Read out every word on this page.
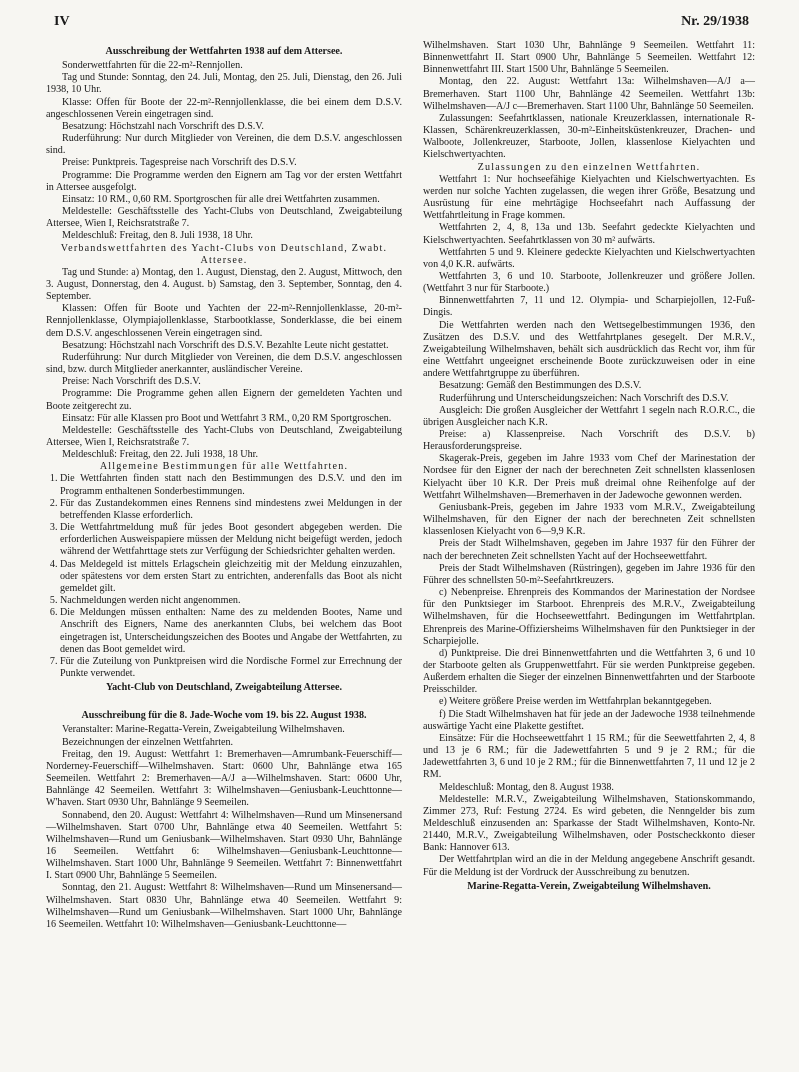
IV	Nr. 29/1938

Ausschreibung der Wettfahrten 1938 auf dem Attersee.

Sonderwettfahrten für die 22-m²-Rennjollen.

Tag und Stunde: Sonntag, den 24. Juli, Montag, den 25. Juli, Dienstag, den 26. Juli 1938, 10 Uhr.

Klasse: Offen für Boote der 22-m²-Rennjollenklasse, die bei einem dem D.S.V. angeschlossenen Verein eingetragen sind.

Besatzung: Höchstzahl nach Vorschrift des D.S.V.

Ruderführung: Nur durch Mitglieder von Vereinen, die dem D.S.V. angeschlossen sind.

Preise: Punktpreis. Tagespreise nach Vorschrift des D.S.V.

Programme: Die Programme werden den Eignern am Tag vor der ersten Wettfahrt in Attersee ausgefolgt.

Einsatz: 10 RM., 0,60 RM. Sportgroschen für alle drei Wettfahrten zusammen.

Meldestelle: Geschäftsstelle des Yacht-Clubs von Deutschland, Zweigabteilung Attersee, Wien I, Reichsratstraße 7.

Meldeschluß: Freitag, den 8. Juli 1938, 18 Uhr.

Verbandswettfahrten des Yacht-Clubs von Deutschland, Zwabt. Attersee.

Tag und Stunde: a) Montag, den 1. August, Dienstag, den 2. August, Mittwoch, den 3. August, Donnerstag, den 4. August. b) Samstag, den 3. September, Sonntag, den 4. September.

Klassen: Offen für Boote und Yachten der 22-m²-Rennjollenklasse, 20-m²-Rennjollenklasse, Olympiajollenklasse, Starbootklasse, Sonderklasse, die bei einem dem D.S.V. angeschlossenen Verein eingetragen sind.

Besatzung: Höchstzahl nach Vorschrift des D.S.V. Bezahlte Leute nicht gestattet.

Ruderführung: Nur durch Mitglieder von Vereinen, die dem D.S.V. angeschlossen sind, bzw. durch Mitglieder anerkannter, ausländischer Vereine.

Preise: Nach Vorschrift des D.S.V.

Programme: Die Programme gehen allen Eignern der gemeldeten Yachten und Boote zeitgerecht zu.

Einsatz: Für alle Klassen pro Boot und Wettfahrt 3 RM., 0,20 RM Sportgroschen.

Meldestelle: Geschäftsstelle des Yacht-Clubs von Deutschland, Zweigabteilung Attersee, Wien I, Reichsratstraße 7.

Meldeschluß: Freitag, den 22. Juli 1938, 18 Uhr.

Allgemeine Bestimmungen für alle Wettfahrten.

1. Die Wettfahrten finden statt nach den Bestimmungen des D.S.V. und den im Programm enthaltenen Sonderbestimmungen.
2. Für das Zustandekommen eines Rennens sind mindestens zwei Meldungen in der betreffenden Klasse erforderlich.
3. Die Wettfahrtmeldung muß für jedes Boot gesondert abgegeben werden. Die erforderlichen Ausweispapiere müssen der Meldung nicht beigefügt werden, jedoch während der Wettfahrttage stets zur Verfügung der Schiedsrichter gehalten werden.
4. Das Meldegeld ist mittels Erlagschein gleichzeitig mit der Meldung einzuzahlen, oder spätestens vor dem ersten Start zu entrichten, anderenfalls das Boot als nicht gemeldet gilt.
5. Nachmeldungen werden nicht angenommen.
6. Die Meldungen müssen enthalten: Name des zu meldenden Bootes, Name und Anschrift des Eigners, Name des anerkannten Clubs, bei welchem das Boot eingetragen ist, Unterscheidungszeichen des Bootes und Angabe der Wettfahrten, zu denen das Boot gemeldet wird.
7. Für die Zuteilung von Punktpreisen wird die Nordische Formel zur Errechnung der Punkte verwendet.

Yacht-Club von Deutschland, Zweigabteilung Attersee.

Ausschreibung für die 8. Jade-Woche vom 19. bis 22. August 1938.

Veranstalter: Marine-Regatta-Verein, Zweigabteilung Wilhelmshaven.

Bezeichnungen der einzelnen Wettfahrten.

Freitag, den 19. August: Wettfahrt 1: Bremerhaven—Amrumbank-Feuerschiff—Norderney-Feuerschiff—Wilhelmshaven. Start: 0600 Uhr, Bahnlänge etwa 165 Seemeilen. Wettfahrt 2: Bremerhaven—A/J a—Wilhelmshaven. Start: 0600 Uhr, Bahnlänge 42 Seemeilen. Wettfahrt 3: Wilhelmshaven—Geniusbank-Leuchttonne—W'haven. Start 0930 Uhr, Bahnlänge 9 Seemeilen.

Sonnabend, den 20. August: Wettfahrt 4: Wilhelmshaven—Rund um Minsenersand—Wilhelmshaven. Start 0700 Uhr, Bahnlänge etwa 40 Seemeilen. Wettfahrt 5: Wilhelmshaven—Rund um Geniusbank—Wilhelmshaven. Start 0930 Uhr, Bahnlänge 16 Seemeilen. Wettfahrt 6: Wilhelmshaven—Geniusbank-Leuchttonne—Wilhelmshaven. Start 1000 Uhr, Bahnlänge 9 Seemeilen. Wettfahrt 7: Binnenwettfahrt I. Start 0900 Uhr, Bahnlänge 5 Seemeilen.

Sonntag, den 21. August: Wettfahrt 8: Wilhelmshaven—Rund um Minsenersand—Wilhelmshaven. Start 0830 Uhr, Bahnlänge etwa 40 Seemeilen. Wettfahrt 9: Wilhelmshaven—Rund um Geniusbank—Wilhelmshaven. Start 1000 Uhr, Bahnlänge 16 Seemeilen. Wettfahrt 10: Wilhelmshaven—Geniusbank-Leuchttonne—

Wilhelmshaven. Start 1030 Uhr, Bahnlänge 9 Seemeilen. Wettfahrt 11: Binnenwettfahrt II. Start 0900 Uhr, Bahnlänge 5 Seemeilen. Wettfahrt 12: Binnenwettfahrt III. Start 1500 Uhr, Bahnlänge 5 Seemeilen.

Montag, den 22. August: Wettfahrt 13a: Wilhelmshaven—A/J a—Bremerhaven. Start 1100 Uhr, Bahnlänge 42 Seemeilen. Wettfahrt 13b: Wilhelmshaven—A/J c—Bremerhaven. Start 1100 Uhr, Bahnlänge 50 Seemeilen.

Zulassungen: Seefahrtklassen, nationale Kreuzerklassen, internationale R-Klassen, Schärenkreuzerklassen, 30-m²-Einheitsküstenkreuzer, Drachen- und Walboote, Jollenkreuzer, Starboote, Jollen, klassenlose Kielyachten und Kielschwertyachten.

Zulassungen zu den einzelnen Wettfahrten.

Wettfahrt 1: Nur hochseefähige Kielyachten und Kielschwertyachten. Es werden nur solche Yachten zugelassen, die wegen ihrer Größe, Besatzung und Ausrüstung für eine mehrtägige Hochseefahrt nach Auffassung der Wettfahrtleitung in Frage kommen.

Wettfahrten 2, 4, 8, 13a und 13b. Seefahrt gedeckte Kielyachten und Kielschwertyachten. Seefahrtklassen von 30 m² aufwärts.

Wettfahrten 5 und 9. Kleinere gedeckte Kielyachten und Kielschwertyachten von 4,0 K.R. aufwärts.

Wettfahrten 3, 6 und 10. Starboote, Jollenkreuzer und größere Jollen. (Wettfahrt 3 nur für Starboote.)

Binnenwettfahrten 7, 11 und 12. Olympia- und Scharpiejollen, 12-Fuß-Dingis.

Die Wettfahrten werden nach den Wettsegelbestimmungen 1936, den Zusätzen des D.S.V. und des Wettfahrtplanes gesegelt. Der M.R.V., Zweigabteilung Wilhelmshaven, behält sich ausdrücklich das Recht vor, ihm für eine Wettfahrt ungeeignet erscheinende Boote zurückzuweisen oder in eine andere Wettfahrtgruppe zu überführen.

Besatzung: Gemäß den Bestimmungen des D.S.V.

Ruderführung und Unterscheidungszeichen: Nach Vorschrift des D.S.V.

Ausgleich: Die großen Ausgleicher der Wettfahrt 1 segeln nach R.O.R.C., die übrigen Ausgleicher nach K.R.

Preise: a) Klassenpreise. Nach Vorschrift des D.S.V. b) Herausforderungspreise.

Skagerak-Preis, gegeben im Jahre 1933 vom Chef der Marinestation der Nordsee für den Eigner der nach der berechneten Zeit schnellsten klassenlosen Kielyacht über 10 K.R. Der Preis muß dreimal ohne Reihenfolge auf der Wettfahrt Wilhelmshaven—Bremerhaven in der Jadewoche gewonnen werden.

Geniusbank-Preis, gegeben im Jahre 1933 vom M.R.V., Zweigabteilung Wilhelmshaven, für den Eigner der nach der berechneten Zeit schnellsten klassenlosen Kielyacht von 6—9,9 K.R.

Preis der Stadt Wilhelmshaven, gegeben im Jahre 1937 für den Führer der nach der berechneten Zeit schnellsten Yacht auf der Hochseewettfahrt.

Preis der Stadt Wilhelmshaven (Rüstringen), gegeben im Jahre 1936 für den Führer des schnellsten 50-m²-Seefahrtkreuzers.

c) Nebenpreise. Ehrenpreis des Kommandos der Marinestation der Nordsee für den Punktsieger im Starboot. Ehrenpreis des M.R.V., Zweigabteilung Wilhelmshaven, für die Hochseewettfahrt. Bedingungen im Wettfahrtplan. Ehrenpreis des Marine-Offiziersheims Wilhelmshaven für den Punktsieger in der Scharpiejolle.

d) Punktpreise. Die drei Binnenwettfahrten und die Wettfahrten 3, 6 und 10 der Starboote gelten als Gruppenwettfahrt. Für sie werden Punktpreise gegeben. Außerdem erhalten die Sieger der einzelnen Binnenwettfahrten und der Starboote Preisschilder.

e) Weitere größere Preise werden im Wettfahrplan bekanntgegeben.

f) Die Stadt Wilhelmshaven hat für jede an der Jadewoche 1938 teilnehmende auswärtige Yacht eine Plakette gestiftet.

Einsätze: Für die Hochseewettfahrt 1 15 RM.; für die Seewettfahrten 2, 4, 8 und 13 je 6 RM.; für die Jadewettfahrten 5 und 9 je 2 RM.; für die Jadewettfahrten 3, 6 und 10 je 2 RM.; für die Binnenwettfahrten 7, 11 und 12 je 2 RM.

Meldeschluß: Montag, den 8. August 1938.

Meldestelle: M.R.V., Zweigabteilung Wilhelmshaven, Stationskommando, Zimmer 273, Ruf: Festung 2724. Es wird gebeten, die Nenngelder bis zum Meldeschluß einzusenden an: Sparkasse der Stadt Wilhelmshaven, Konto-Nr. 21440, M.R.V., Zweigabteilung Wilhelmshaven, oder Postscheckkonto dieser Bank: Hannover 613.

Der Wettfahrtplan wird an die in der Meldung angegebene Anschrift gesandt. Für die Meldung ist der Vordruck der Ausschreibung zu benutzen.

Marine-Regatta-Verein, Zweigabteilung Wilhelmshaven.
